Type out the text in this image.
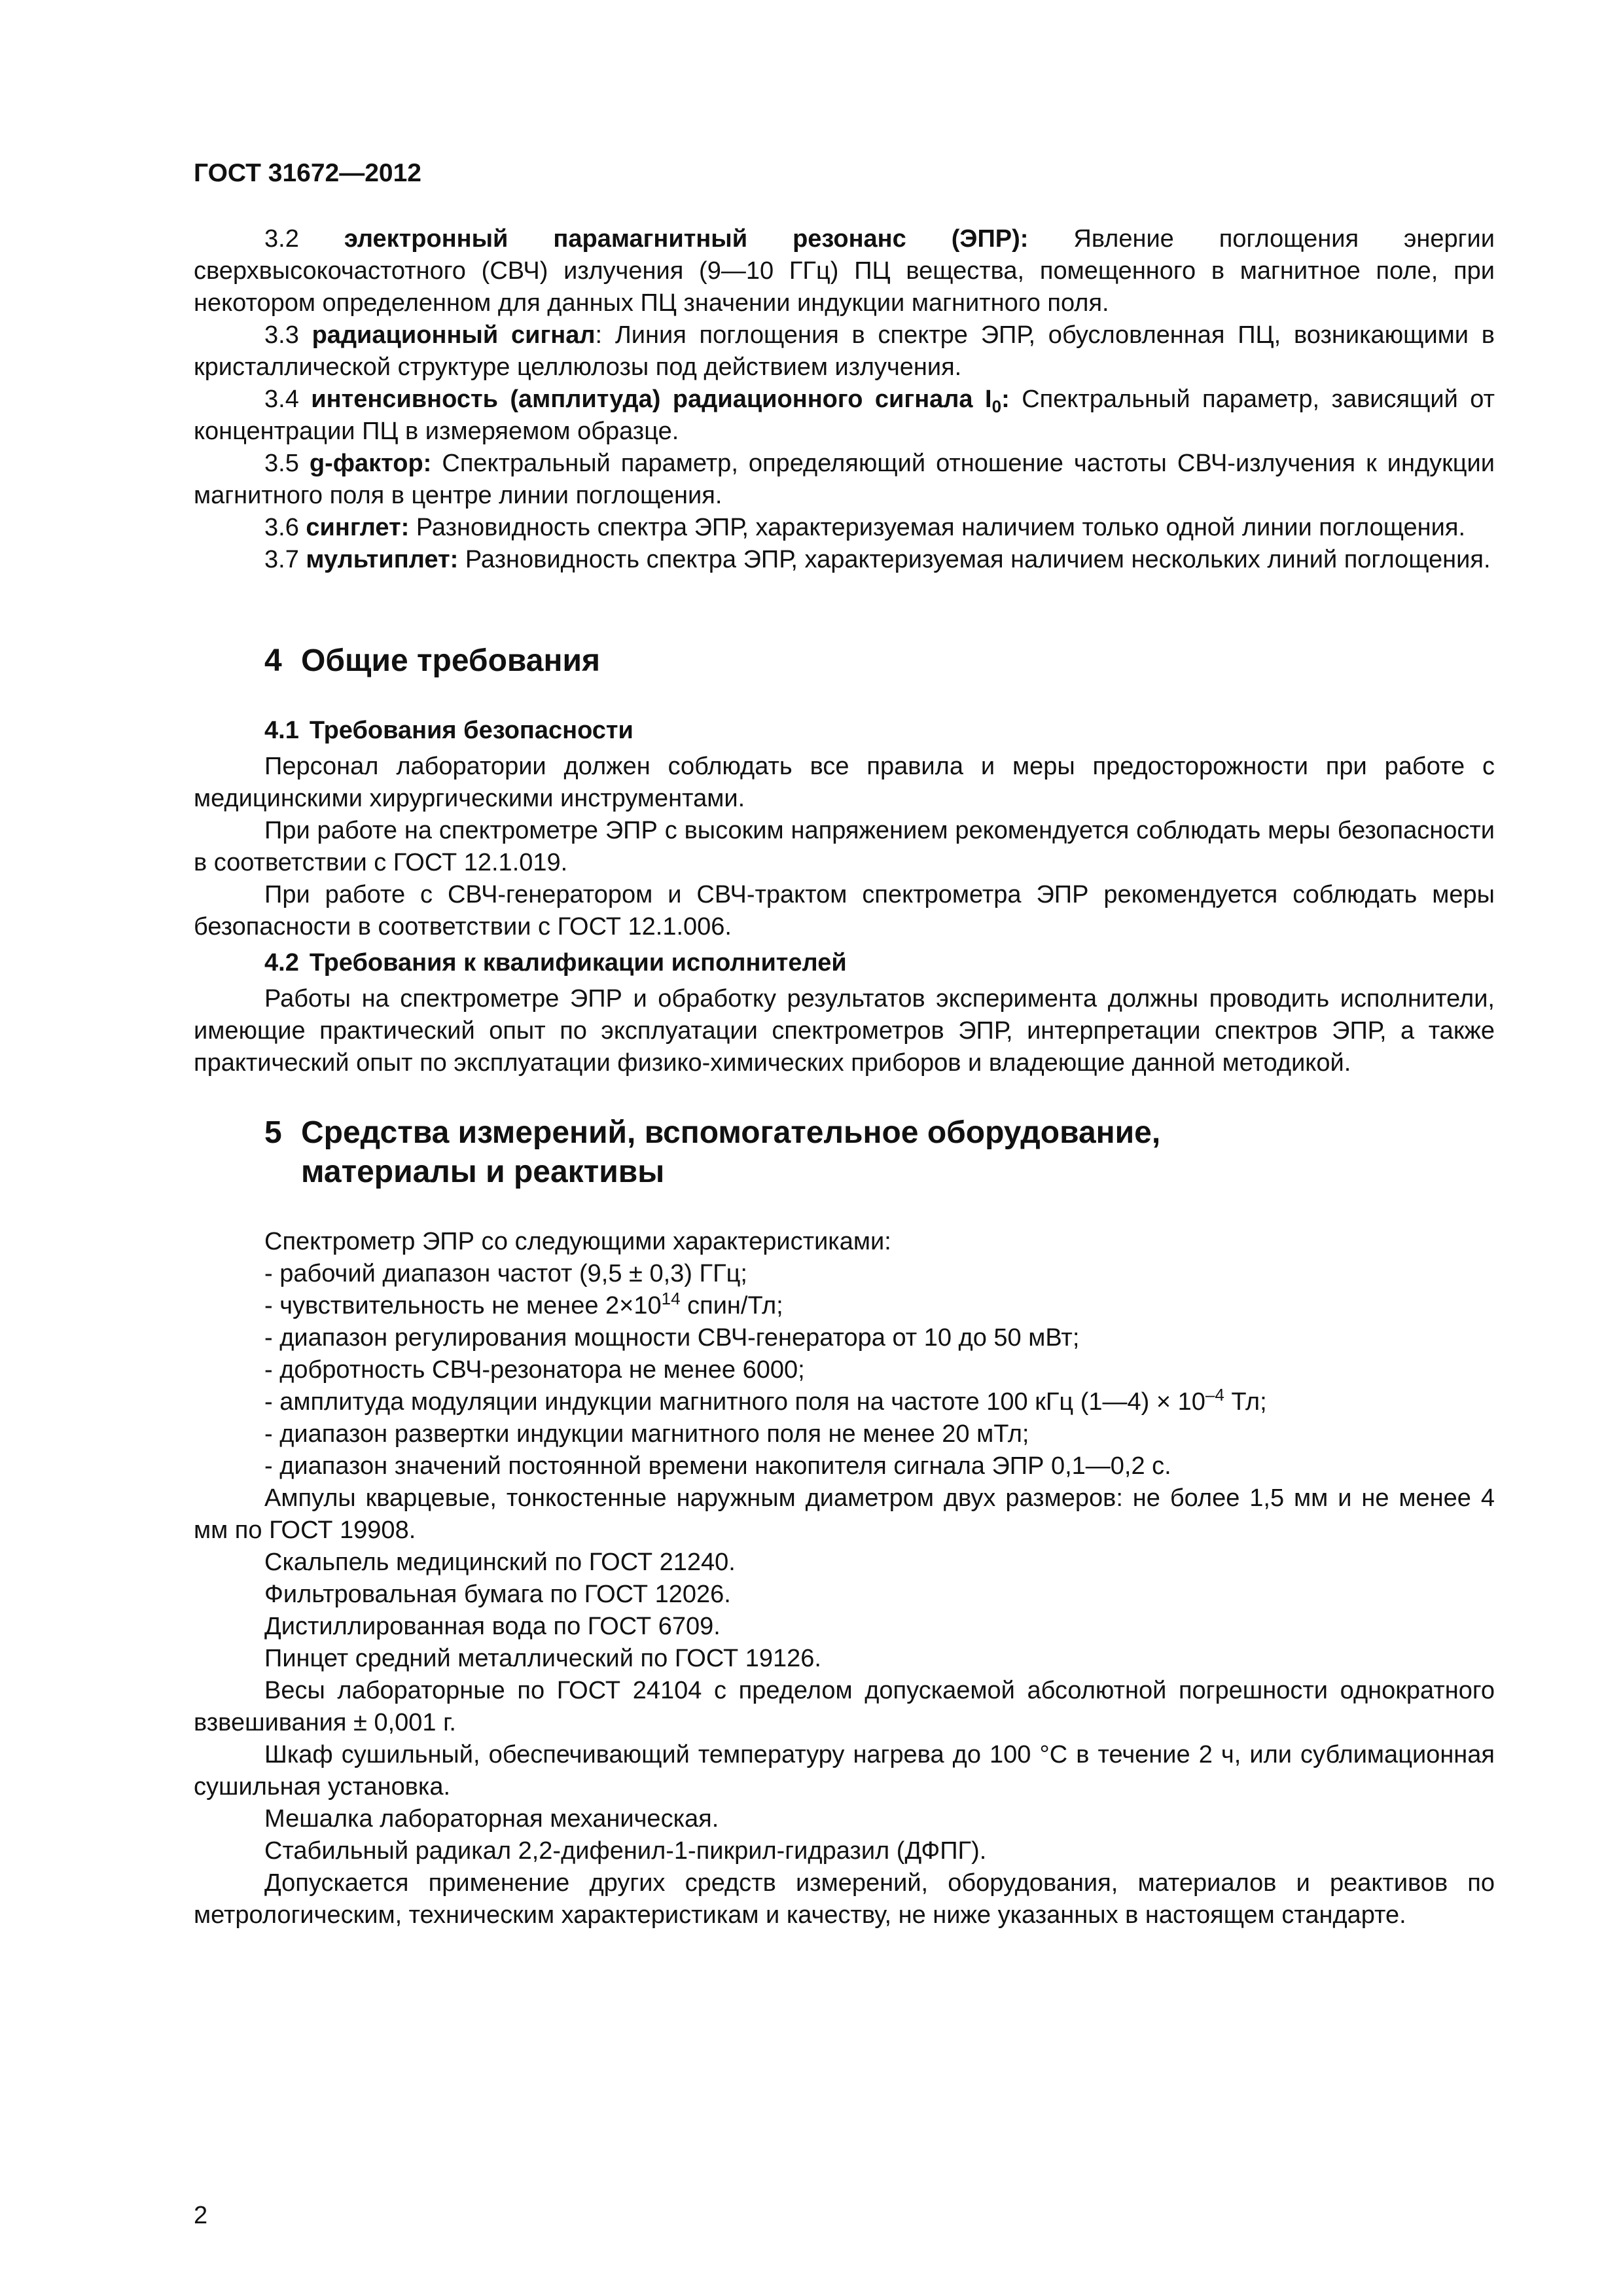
ГОСТ 31672—2012

3.2 электронный парамагнитный резонанс (ЭПР): Явление поглощения энергии сверхвысокочастотного (СВЧ) излучения (9—10 ГГц) ПЦ вещества, помещенного в магнитное поле, при некотором определенном для данных ПЦ значении индукции магнитного поля.

3.3 радиационный сигнал: Линия поглощения в спектре ЭПР, обусловленная ПЦ, возникающими в кристаллической структуре целлюлозы под действием излучения.

3.4 интенсивность (амплитуда) радиационного сигнала $I_0$: Спектральный параметр, зависящий от концентрации ПЦ в измеряемом образце.

3.5 g-фактор: Спектральный параметр, определяющий отношение частоты СВЧ-излучения к индукции магнитного поля в центре линии поглощения.

3.6 синглет: Разновидность спектра ЭПР, характеризуемая наличием только одной линии поглощения.

3.7 мультиплет: Разновидность спектра ЭПР, характеризуемая наличием нескольких линий поглощения.

4 Общие требования
4.1 Требования безопасности

Персонал лаборатории должен соблюдать все правила и меры предосторожности при работе с медицинскими хирургическими инструментами.

При работе на спектрометре ЭПР с высоким напряжением рекомендуется соблюдать меры безопасности в соответствии с ГОСТ 12.1.019.

При работе с СВЧ-генератором и СВЧ-трактом спектрометра ЭПР рекомендуется соблюдать меры безопасности в соответствии с ГОСТ 12.1.006.

4.2 Требования к квалификации исполнителей

Работы на спектрометре ЭПР и обработку результатов эксперимента должны проводить исполнители, имеющие практический опыт по эксплуатации спектрометров ЭПР, интерпретации спектров ЭПР, а также практический опыт по эксплуатации физико-химических приборов и владеющие данной методикой.

5 Средства измерений, вспомогательное оборудование,
материалы и реактивы

Спектрометр ЭПР со следующими характеристиками:

- рабочий диапазон частот (9,5 ± 0,3) ГГц;
- чувствительность не менее $2\times 10^{14}$ спин/Тл;
- диапазон регулирования мощности СВЧ-генератора от 10 до 50 мВт;
- добротность СВЧ-резонатора не менее 6000;
- амплитуда модуляции индукции магнитного поля на частоте 100 кГц (1—4) × $10^{-4}$ Тл;
- диапазон развертки индукции магнитного поля не менее 20 мТл;
- диапазон значений постоянной времени накопителя сигнала ЭПР 0,1—0,2 с.

Ампулы кварцевые, тонкостенные наружным диаметром двух размеров: не более 1,5 мм и не менее 4 мм по ГОСТ 19908.

Скальпель медицинский по ГОСТ 21240.

Фильтровальная бумага по ГОСТ 12026.

Дистиллированная вода по ГОСТ 6709.

Пинцет средний металлический по ГОСТ 19126.

Весы лабораторные по ГОСТ 24104 с пределом допускаемой абсолютной погрешности однократного взвешивания ± 0,001 г.

Шкаф сушильный, обеспечивающий температуру нагрева до 100 °С в течение 2 ч, или сублимационная сушильная установка.

Мешалка лабораторная механическая.

Стабильный радикал 2,2-дифенил-1-пикрил-гидразил (ДФПГ).

Допускается применение других средств измерений, оборудования, материалов и реактивов по метрологическим, техническим характеристикам и качеству, не ниже указанных в настоящем стандарте.

2
